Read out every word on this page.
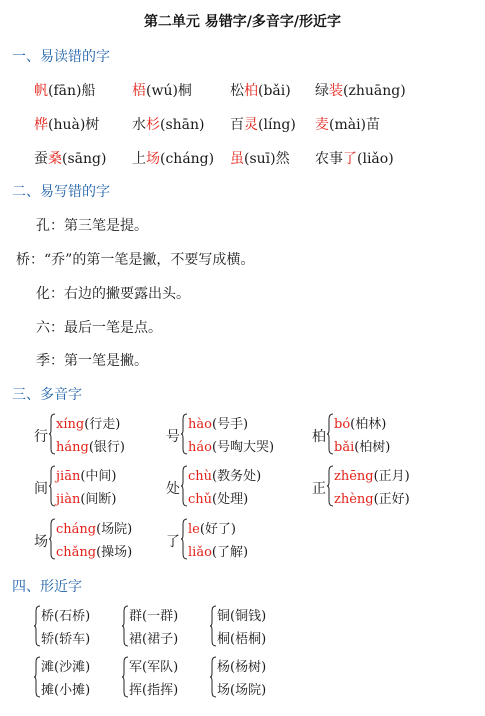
第二单元 易错字/多音字/形近字
一、易读错的字
帆(fān)船	梧(wú)桐	松柏(bǎi) 绿装(zhuāng)
桦(huà)树 水杉(shān) 百灵(líng) 麦(mài)苗
蚕桑(sāng) 上场(cháng) 虽(suī)然 农事了(liǎo)
二、易写错的字
孔：第三笔是提。
桥：“乔”的第一笔是撇，不要写成横。
化：右边的撇要露出头。
六：最后一笔是点。
季：第一笔是撇。
三、多音字
行
xíng(行走)
háng(银行)
号
hào(号手)
háo(号啕大哭)
柏
bó(柏林)
bǎi(柏树)
间
jiān(中间)
jiàn(间断)
处
chù(教务处)
chǔ(处理)
正
zhēng(正月)
zhèng(正好)
场
cháng(场院)
chǎng(操场)
了
le(好了)
liǎo(了解)
四、形近字
桥(石桥)
轿(轿车)
群(一群)
裙(裙子)
铜(铜钱)
桐(梧桐)
滩(沙滩)
摊(小摊)
军(军队)
挥(指挥)
杨(杨树)
场(场院)
